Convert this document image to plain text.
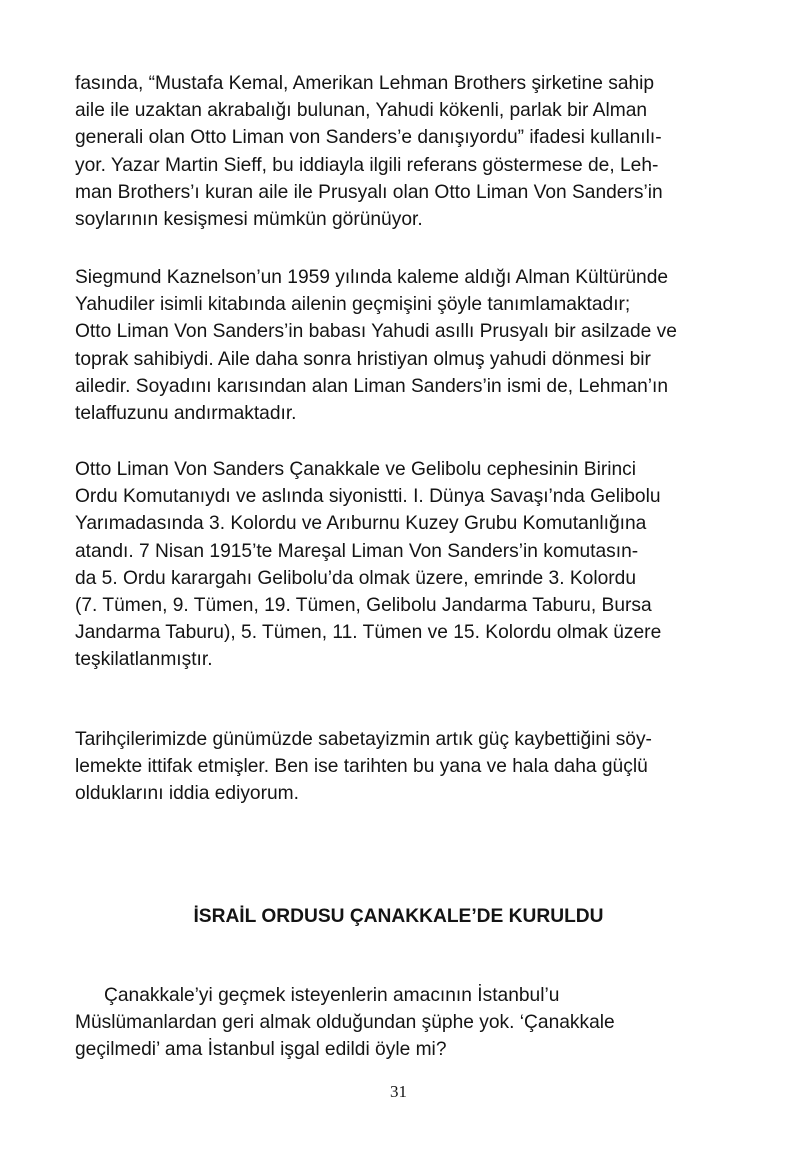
fasında, “Mustafa Kemal, Amerikan Lehman Brothers şirketine sahip
aile ile uzaktan akrabalığı bulunan, Yahudi kökenli, parlak bir Alman
generali olan Otto Liman von Sanders’e danışıyordu” ifadesi kullanılı-
yor. Yazar Martin Sieff, bu iddiayla ilgili referans göstermese de, Leh-
man Brothers’ı kuran aile ile Prusyalı olan Otto Liman Von Sanders’in
soylarının kesişmesi mümkün görünüyor.

Siegmund Kaznelson’un 1959 yılında kaleme aldığı Alman Kültüründe
Yahudiler isimli kitabında ailenin geçmişini şöyle tanımlamaktadır;
Otto Liman Von Sanders’in babası Yahudi asıllı Prusyalı bir asilzade ve
toprak sahibiydi. Aile daha sonra hristiyan olmuş yahudi dönmesi bir
ailedir. Soyadını karısından alan Liman Sanders’in ismi de, Lehman’ın
telaffuzunu andırmaktadır.

Otto Liman Von Sanders Çanakkale ve Gelibolu cephesinin Birinci
Ordu Komutanıydı ve aslında siyonistti. I. Dünya Savaşı’nda Gelibolu
Yarımadasında 3. Kolordu ve Arıburnu Kuzey Grubu Komutanlığına
atandı. 7 Nisan 1915’te Mareşal Liman Von Sanders’in komutasın-
da 5. Ordu karargahı Gelibolu’da olmak üzere, emrinde 3. Kolordu
(7. Tümen, 9. Tümen, 19. Tümen, Gelibolu Jandarma Taburu, Bursa
Jandarma Taburu), 5. Tümen, 11. Tümen ve 15. Kolordu olmak üzere
teşkilatlanmıştır.

Tarihçilerimizde günümüzde sabetayizmin artık güç kaybettiğini söy-
lemekte ittifak etmişler. Ben ise tarihten bu yana ve hala daha güçlü
olduklarını iddia ediyorum.

İSRAİL ORDUSU ÇANAKKALE’DE KURULDU

Çanakkale’yi geçmek isteyenlerin amacının İstanbul’u
Müslümanlardan geri almak olduğundan şüphe yok. ‘Çanakkale
geçilmedi’ ama İstanbul işgal edildi öyle mi?

31
